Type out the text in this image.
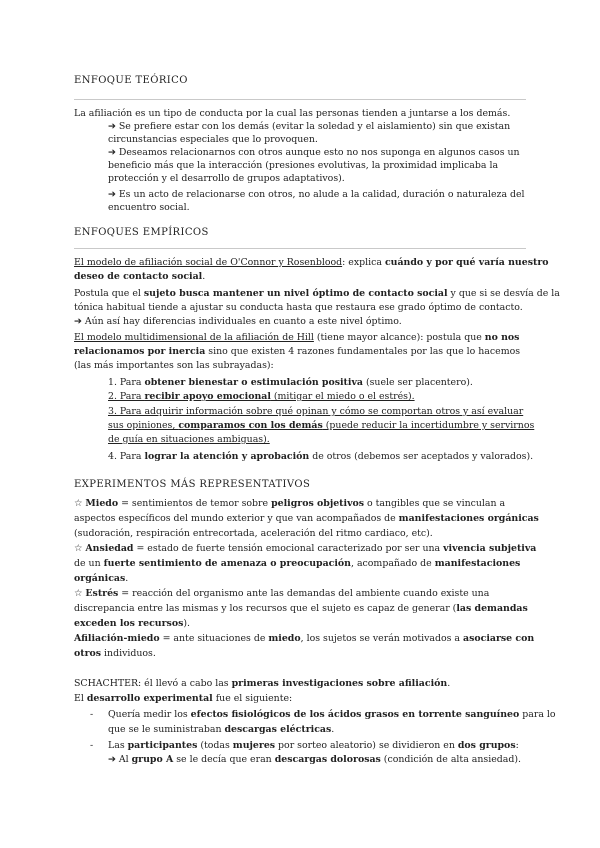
ENFOQUE TEÓRICO
La afiliación es un tipo de conducta por la cual las personas tienden a juntarse a los demás.
➔ Se prefiere estar con los demás (evitar la soledad y el aislamiento) sin que existan
circunstancias especiales que lo provoquen.
➔ Deseamos relacionarnos con otros aunque esto no nos suponga en algunos casos un
beneficio más que la interacción (presiones evolutivas, la proximidad implicaba la
protección y el desarrollo de grupos adaptativos).
➔ Es un acto de relacionarse con otros, no alude a la calidad, duración o naturaleza del
encuentro social.
ENFOQUES EMPÍRICOS
El modelo de afiliación social de O'Connor y Rosenblood: explica cuándo y por qué varía nuestro
deseo de contacto social.
Postula que el sujeto busca mantener un nivel óptimo de contacto social y que si se desvía de la
tónica habitual tiende a ajustar su conducta hasta que restaura ese grado óptimo de contacto.
➔ Aún así hay diferencias individuales en cuanto a este nivel óptimo.
El modelo multidimensional de la afiliación de Hill (tiene mayor alcance): postula que no nos
relacionamos por inercia sino que existen 4 razones fundamentales por las que lo hacemos
(las más importantes son las subrayadas):
1. Para obtener bienestar o estimulación positiva (suele ser placentero).
2. Para recibir apoyo emocional (mitigar el miedo o el estrés).
3. Para adquirir información sobre qué opinan y cómo se comportan otros y así evaluar
sus opiniones, comparamos con los demás (puede reducir la incertidumbre y servirnos
de guía en situaciones ambiguas).
4. Para lograr la atención y aprobación de otros (debemos ser aceptados y valorados).
EXPERIMENTOS MÁS REPRESENTATIVOS
☆ Miedo = sentimientos de temor sobre peligros objetivos o tangibles que se vinculan a
aspectos específicos del mundo exterior y que van acompañados de manifestaciones orgánicas
(sudoración, respiración entrecortada, aceleración del ritmo cardiaco, etc).
☆ Ansiedad = estado de fuerte tensión emocional caracterizado por ser una vivencia subjetiva
de un fuerte sentimiento de amenaza o preocupación, acompañado de manifestaciones
orgánicas.
☆ Estrés = reacción del organismo ante las demandas del ambiente cuando existe una
discrepancia entre las mismas y los recursos que el sujeto es capaz de generar (las demandas
exceden los recursos).
Afiliación-miedo = ante situaciones de miedo, los sujetos se verán motivados a asociarse con
otros individuos.
SCHACHTER: él llevó a cabo las primeras investigaciones sobre afiliación.
El desarrollo experimental fue el siguiente:
- Quería medir los efectos fisiológicos de los ácidos grasos en torrente sanguíneo para lo
que se le suministraban descargas eléctricas.
- Las participantes (todas mujeres por sorteo aleatorio) se dividieron en dos grupos:
➔ Al grupo A se le decía que eran descargas dolorosas (condición de alta ansiedad).
